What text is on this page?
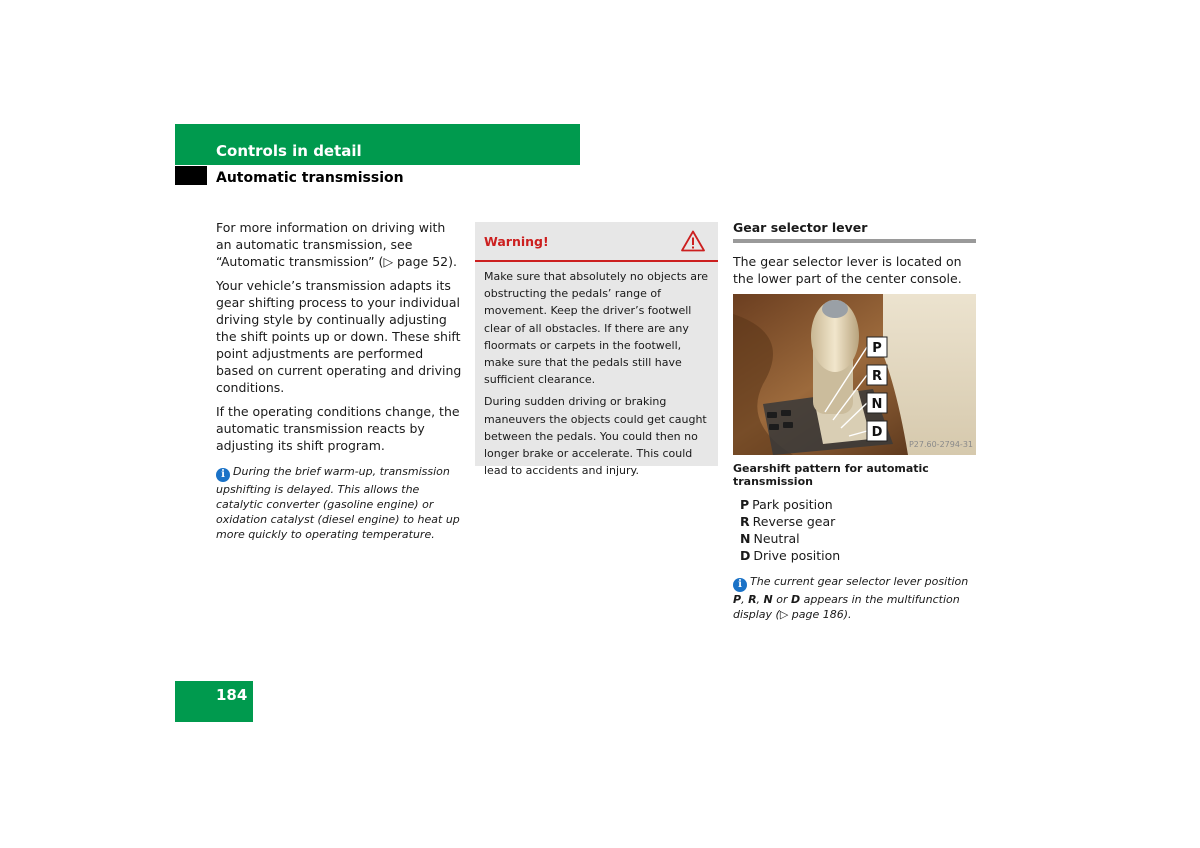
Controls in detail
Automatic transmission

For more information on driving with an automatic transmission, see “Automatic transmission” (▷ page 52).

Your vehicle’s transmission adapts its gear shifting process to your individual driving style by continually adjusting the shift points up or down. These shift point adjustments are performed based on current operating and driving conditions.

If the operating conditions change, the automatic transmission reacts by adjusting its shift program.

i During the brief warm-up, transmission upshifting is delayed. This allows the catalytic converter (gasoline engine) or oxidation catalyst (diesel engine) to heat up more quickly to operating temperature.
Warning!

Make sure that absolutely no objects are obstructing the pedals’ range of movement. Keep the driver’s footwell clear of all obstacles. If there are any floormats or carpets in the footwell, make sure that the pedals still have sufficient clearance.

During sudden driving or braking maneuvers the objects could get caught between the pedals. You could then no longer brake or accelerate. This could lead to accidents and injury.

Gear selector lever

The gear selector lever is located on the lower part of the center console.

P
R
N
D
P27.60-2794-31
Gearshift pattern for automatic transmission
P Park position
R Reverse gear
N Neutral
D Drive position
i The current gear selector lever position P, R, N or D appears in the multifunction display (▷ page 186).
184
